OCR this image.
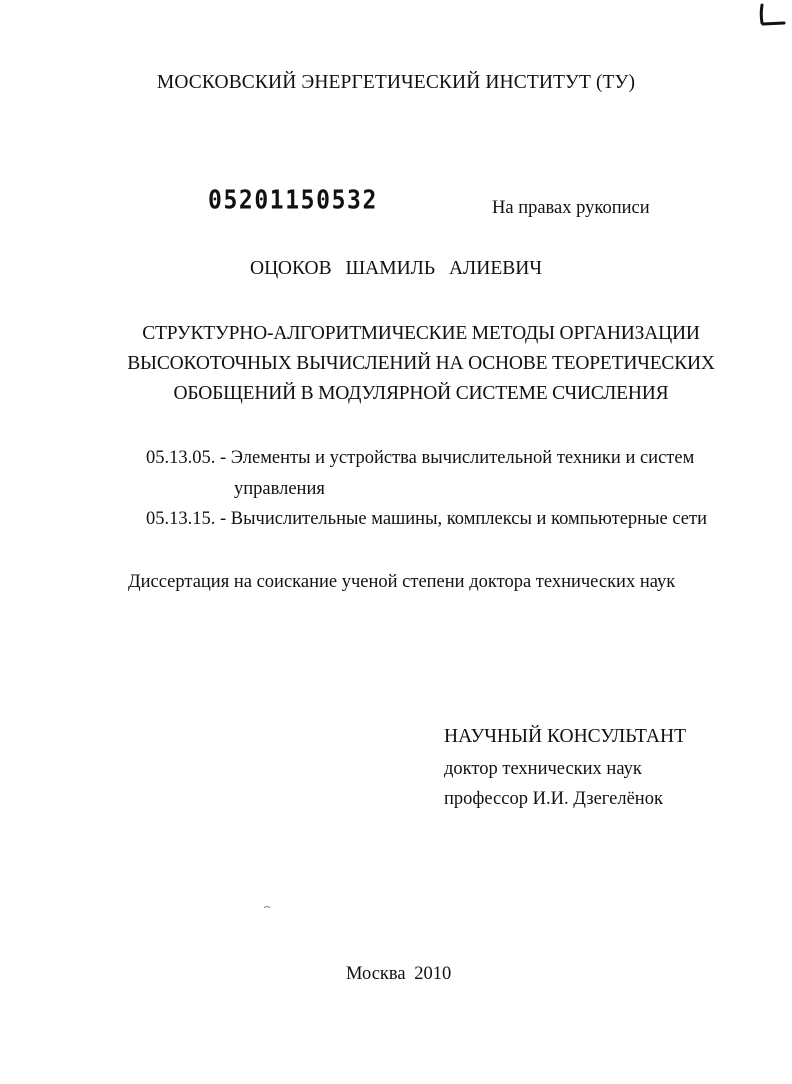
МОСКОВСКИЙ ЭНЕРГЕТИЧЕСКИЙ ИНСТИТУТ (ТУ)
05201150532	На правах рукописи
ОЦОКОВ ШАМИЛЬ АЛИЕВИЧ
СТРУКТУРНО-АЛГОРИТМИЧЕСКИЕ МЕТОДЫ ОРГАНИЗАЦИИ
ВЫСОКОТОЧНЫХ ВЫЧИСЛЕНИЙ НА ОСНОВЕ ТЕОРЕТИЧЕСКИХ
ОБОБЩЕНИЙ В МОДУЛЯРНОЙ СИСТЕМЕ СЧИСЛЕНИЯ
05.13.05. - Элементы и устройства вычислительной техники и систем
управления
05.13.15. - Вычислительные машины, комплексы и компьютерные сети
Диссертация на соискание ученой степени доктора технических наук
НАУЧНЫЙ КОНСУЛЬТАНТ
доктор технических наук
профессор И.И. Дзегелёнок
Москва 2010
